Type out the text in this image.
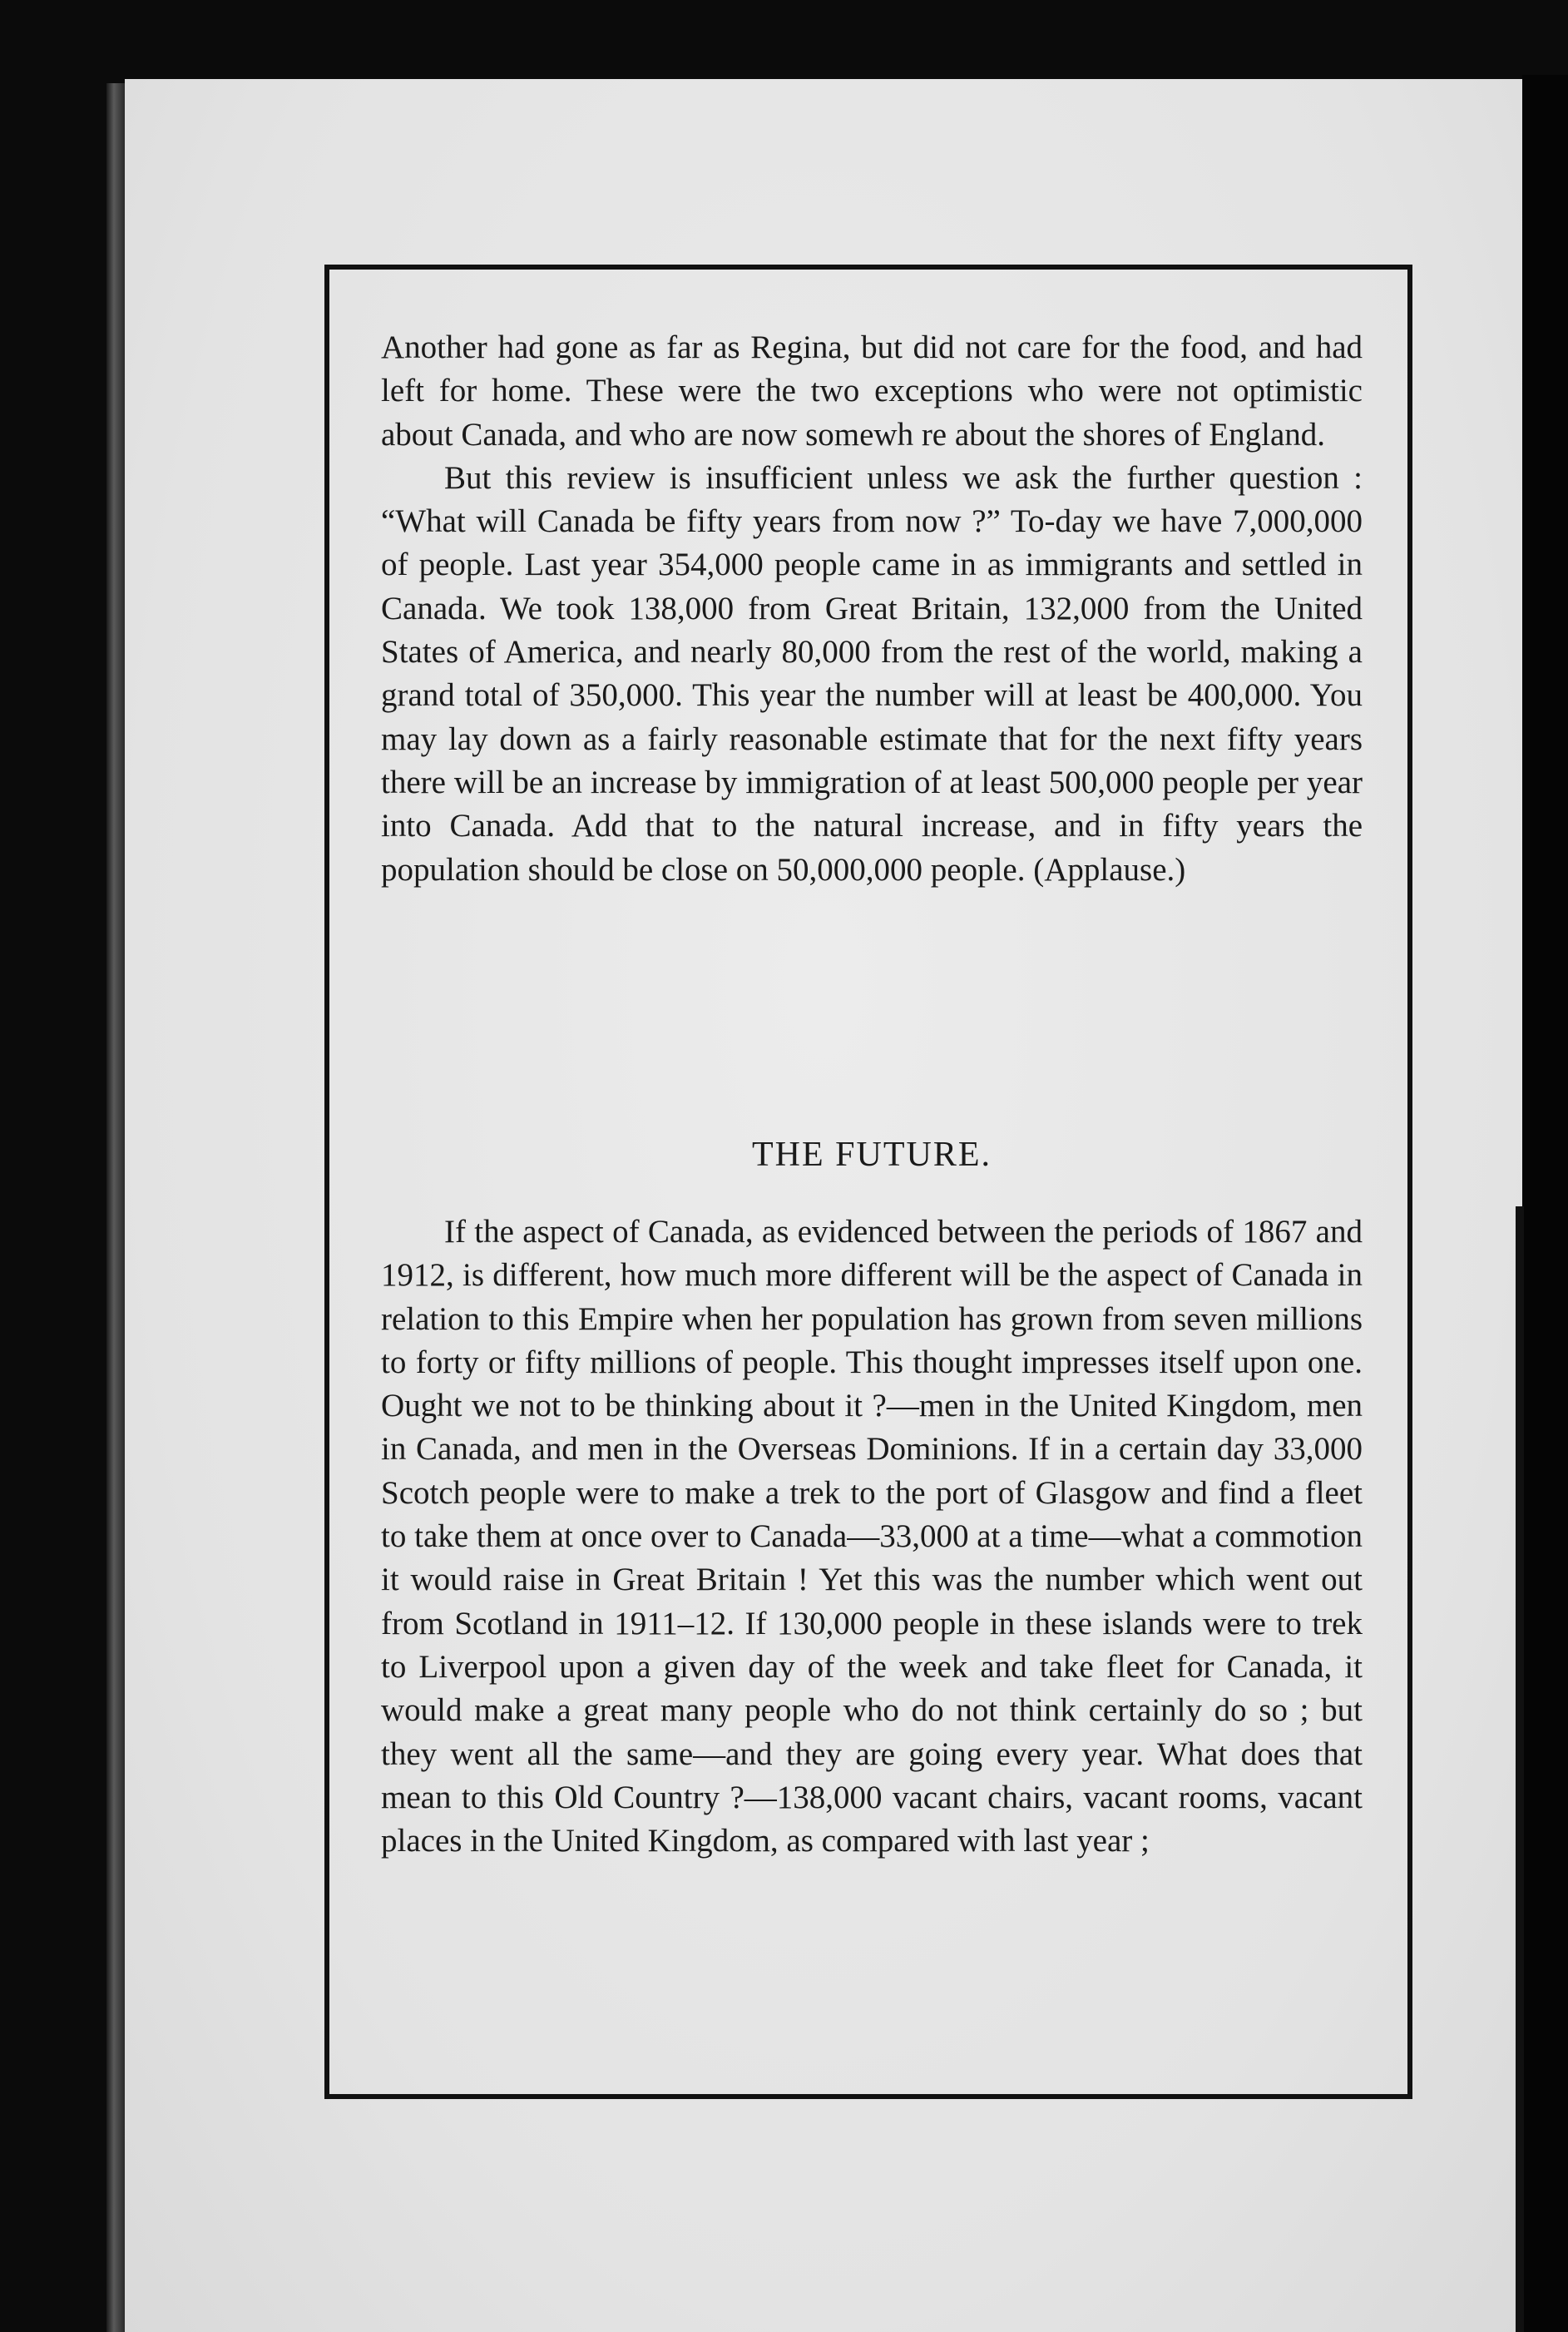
Another had gone as far as Regina, but did not care for the food, and had left for home. These were the two exceptions who were not optimistic about Canada, and who are now somewh re about the shores of England.

But this review is insufficient unless we ask the further question : “What will Canada be fifty years from now ?” To-day we have 7,000,000 of people. Last year 354,000 people came in as immigrants and settled in Canada. We took 138,000 from Great Britain, 132,000 from the United States of America, and nearly 80,000 from the rest of the world, making a grand total of 350,000. This year the number will at least be 400,000. You may lay down as a fairly reasonable estimate that for the next fifty years there will be an increase by immigration of at least 500,000 people per year into Canada. Add that to the natural increase, and in fifty years the population should be close on 50,000,000 people. (Applause.)

THE FUTURE.

If the aspect of Canada, as evidenced between the periods of 1867 and 1912, is different, how much more different will be the aspect of Canada in relation to this Empire when her population has grown from seven millions to forty or fifty millions of people. This thought impresses itself upon one. Ought we not to be thinking about it ?—men in the United Kingdom, men in Canada, and men in the Overseas Dominions. If in a certain day 33,000 Scotch people were to make a trek to the port of Glasgow and find a fleet to take them at once over to Canada—33,000 at a time—what a commotion it would raise in Great Britain ! Yet this was the number which went out from Scotland in 1911–12. If 130,000 people in these islands were to trek to Liverpool upon a given day of the week and take fleet for Canada, it would make a great many people who do not think certainly do so ; but they went all the same—and they are going every year. What does that mean to this Old Country ?—138,000 vacant chairs, vacant rooms, vacant places in the United Kingdom, as compared with last year ;
